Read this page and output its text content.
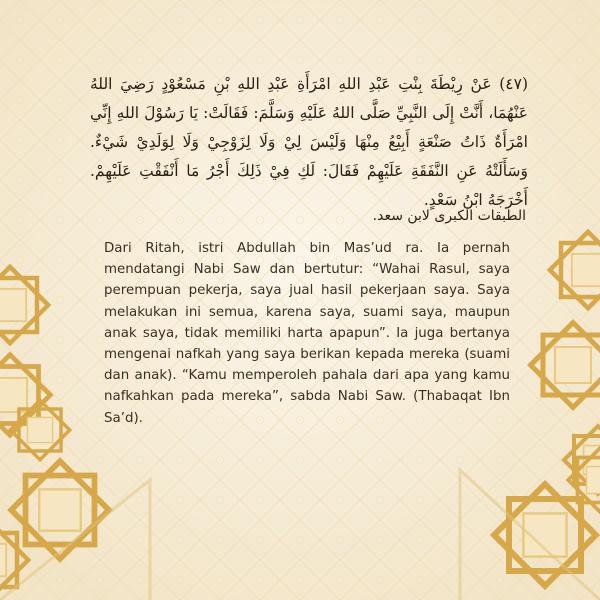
(٤٧) عَنْ رِيْطَةَ بِنْتِ عَبْدِ اللهِ امْرَأَةِ عَبْدِ اللهِ بْنِ مَسْعُوْدٍ رَضِيَ اللهُ عَنْهُمَا، أَنَّتْ إِلَى النَّبِيِّ صَلَّى اللهُ عَلَيْهِ وَسَلَّمَ: فَقَالَتْ: يَا رَسُوْلَ اللهِ إِنِّي امْرَأَةٌ ذَاتُ صَنْعَةٍ أَبِيْعُ مِنْهَا وَلَيْسَ لِيْ وَلَا لِزَوْجِيْ وَلَا لِوَلَدِيْ شَيْءٌ. وَسَأَلَتْهُ عَنِ النَّفَقَةِ عَلَيْهِمْ فَقَالَ: لَكِ فِيْ ذَلِكَ أَجْرُ مَا أَنْفَقْتِ عَلَيْهِمْ. أَخْرَجَهُ ابْنُ سَعْدٍ.
الطبقات الكبرى لابن سعد.
Dari Ritah, istri Abdullah bin Mas’ud ra. Ia pernah mendatangi Nabi Saw dan bertutur: “Wahai Rasul, saya perempuan pekerja, saya jual hasil pekerjaan saya. Saya melakukan ini semua, karena saya, suami saya, maupun anak saya, tidak memiliki harta apapun”. Ia juga bertanya mengenai nafkah yang saya berikan kepada mereka (suami dan anak). “Kamu memperoleh pahala dari apa yang kamu nafkahkan pada mereka”, sabda Nabi Saw. (Thabaqat Ibn Sa’d).
